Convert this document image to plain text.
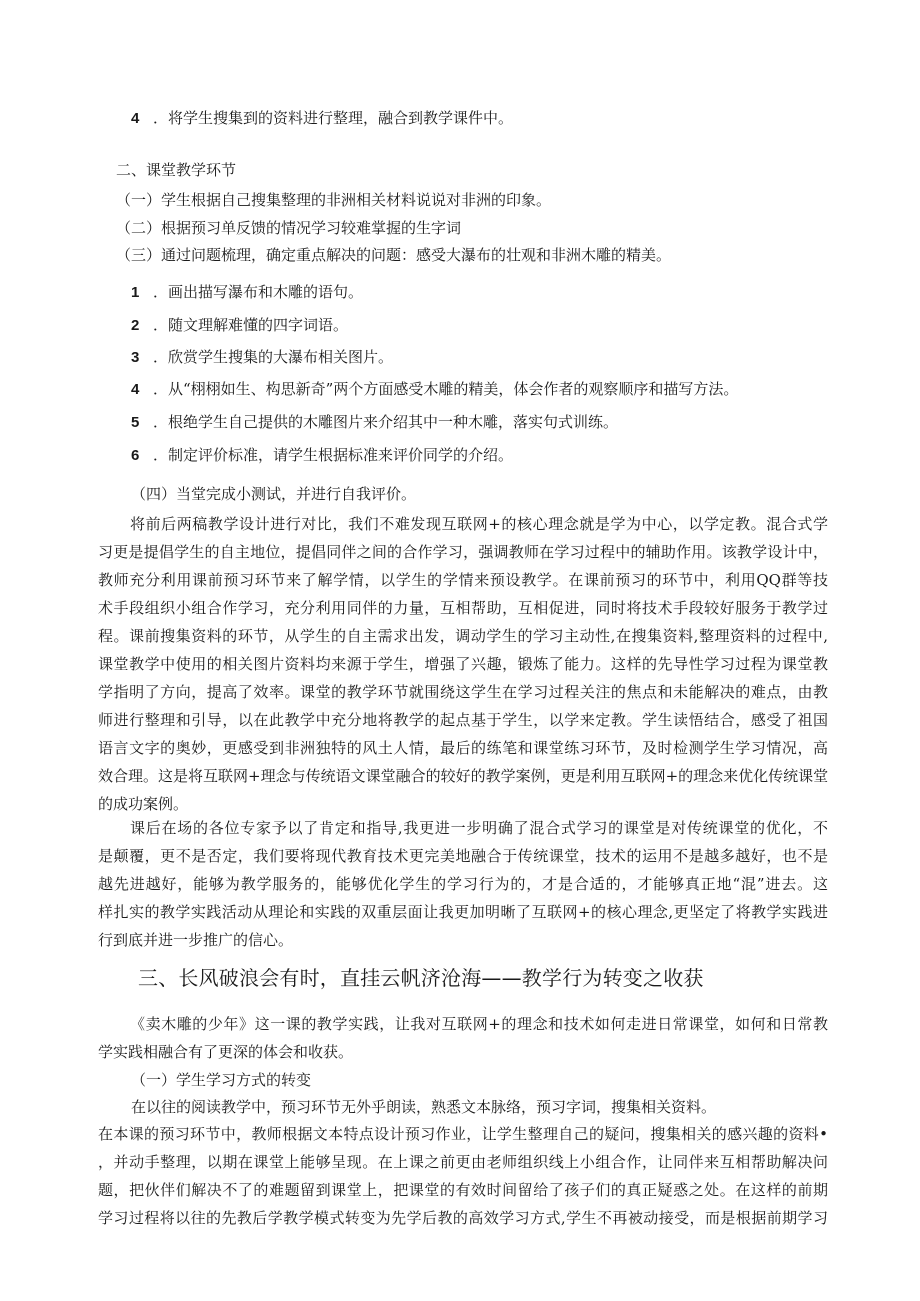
4 ．将学生搜集到的资料进行整理，融合到教学课件中。
二、课堂教学环节
（一）学生根据自己搜集整理的非洲相关材料说说对非洲的印象。
（二）根据预习单反馈的情况学习较难掌握的生字词
（三）通过问题梳理，确定重点解决的问题：感受大瀑布的壮观和非洲木雕的精美。
1 ．画出描写瀑布和木雕的语句。
2 ．随文理解难懂的四字词语。
3 ．欣赏学生搜集的大瀑布相关图片。
4 ．从“栩栩如生、构思新奇”两个方面感受木雕的精美，体会作者的观察顺序和描写方法。
5 ．根绝学生自己提供的木雕图片来介绍其中一种木雕，落实句式训练。
6 ．制定评价标准，请学生根据标准来评价同学的介绍。
（四）当堂完成小测试，并进行自我评价。
将前后两稿教学设计进行对比，我们不难发现互联网+的核心理念就是学为中心，以学定教。混合式学
习更是提倡学生的自主地位，提倡同伴之间的合作学习，强调教师在学习过程中的辅助作用。该教学设计中，
教师充分利用课前预习环节来了解学情，以学生的学情来预设教学。在课前预习的环节中，利用QQ群等技
术手段组织小组合作学习，充分利用同伴的力量，互相帮助，互相促进，同时将技术手段较好服务于教学过
程。课前搜集资料的环节，从学生的自主需求出发，调动学生的学习主动性,在搜集资料,整理资料的过程中,
课堂教学中使用的相关图片资料均来源于学生，增强了兴趣，锻炼了能力。这样的先导性学习过程为课堂教
学指明了方向，提高了效率。课堂的教学环节就围绕这学生在学习过程关注的焦点和未能解决的难点，由教
师进行整理和引导，以在此教学中充分地将教学的起点基于学生，以学来定教。学生读悟结合，感受了祖国
语言文字的奥妙，更感受到非洲独特的风土人情，最后的练笔和课堂练习环节，及时检测学生学习情况，高
效合理。这是将互联网+理念与传统语文课堂融合的较好的教学案例，更是利用互联网+的理念来优化传统课堂
的成功案例。
课后在场的各位专家予以了肯定和指导,我更进一步明确了混合式学习的课堂是对传统课堂的优化，不
是颠覆，更不是否定，我们要将现代教育技术更完美地融合于传统课堂，技术的运用不是越多越好，也不是
越先进越好，能够为教学服务的，能够优化学生的学习行为的，才是合适的，才能够真正地“混”进去。这
样扎实的教学实践活动从理论和实践的双重层面让我更加明晰了互联网+的核心理念,更坚定了将教学实践进
行到底并进一步推广的信心。
三、长风破浪会有时，直挂云帆济沧海——教学行为转变之收获
《卖木雕的少年》这一课的教学实践，让我对互联网+的理念和技术如何走进日常课堂，如何和日常教
学实践相融合有了更深的体会和收获。
（一）学生学习方式的转变
在以往的阅读教学中，预习环节无外乎朗读，熟悉文本脉络，预习字词，搜集相关资料。
在本课的预习环节中，教师根据文本特点设计预习作业，让学生整理自己的疑问，搜集相关的感兴趣的资料•
，并动手整理，以期在课堂上能够呈现。在上课之前更由老师组织线上小组合作，让同伴来互相帮助解决问
题，把伙伴们解决不了的难题留到课堂上，把课堂的有效时间留给了孩子们的真正疑惑之处。在这样的前期
学习过程将以往的先教后学教学模式转变为先学后教的高效学习方式,学生不再被动接受，而是根据前期学习
